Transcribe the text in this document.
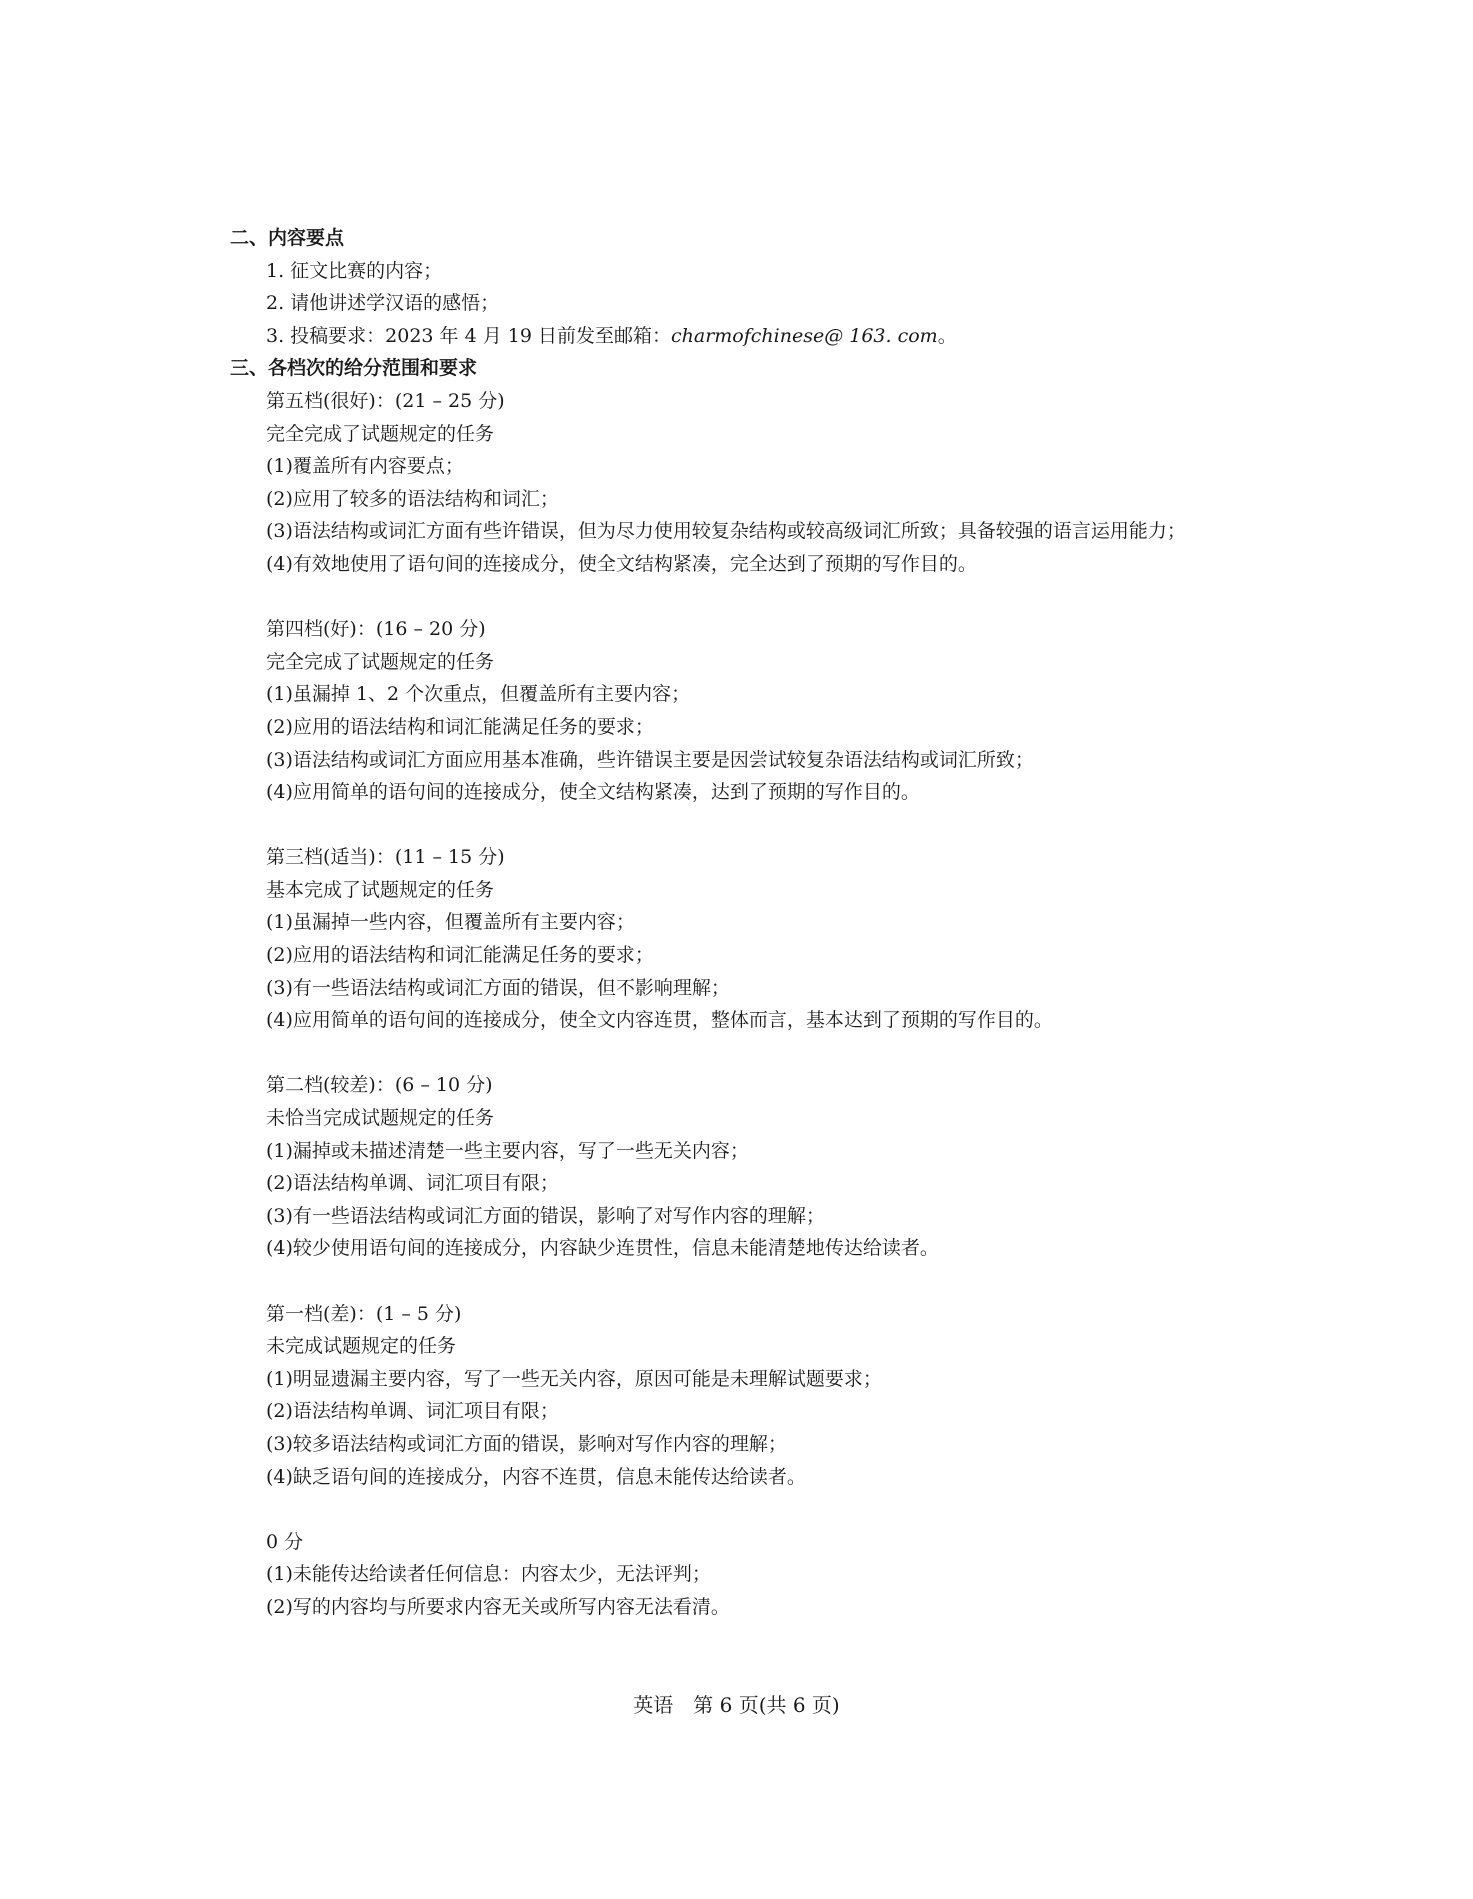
二、内容要点
1. 征文比赛的内容；
2. 请他讲述学汉语的感悟；
3. 投稿要求：2023 年 4 月 19 日前发至邮箱：charmofchinese@ 163. com。
三、各档次的给分范围和要求
第五档(很好)：(21 – 25 分)
完全完成了试题规定的任务
(1)覆盖所有内容要点；
(2)应用了较多的语法结构和词汇；
(3)语法结构或词汇方面有些许错误，但为尽力使用较复杂结构或较高级词汇所致；具备较强的语言运用能力；
(4)有效地使用了语句间的连接成分，使全文结构紧凑，完全达到了预期的写作目的。
第四档(好)：(16 – 20 分)
完全完成了试题规定的任务
(1)虽漏掉 1、2 个次重点，但覆盖所有主要内容；
(2)应用的语法结构和词汇能满足任务的要求；
(3)语法结构或词汇方面应用基本准确，些许错误主要是因尝试较复杂语法结构或词汇所致；
(4)应用简单的语句间的连接成分，使全文结构紧凑，达到了预期的写作目的。
第三档(适当)：(11 – 15 分)
基本完成了试题规定的任务
(1)虽漏掉一些内容，但覆盖所有主要内容；
(2)应用的语法结构和词汇能满足任务的要求；
(3)有一些语法结构或词汇方面的错误，但不影响理解；
(4)应用简单的语句间的连接成分，使全文内容连贯，整体而言，基本达到了预期的写作目的。
第二档(较差)：(6 – 10 分)
未恰当完成试题规定的任务
(1)漏掉或未描述清楚一些主要内容，写了一些无关内容；
(2)语法结构单调、词汇项目有限；
(3)有一些语法结构或词汇方面的错误，影响了对写作内容的理解；
(4)较少使用语句间的连接成分，内容缺少连贯性，信息未能清楚地传达给读者。
第一档(差)：(1 – 5 分)
未完成试题规定的任务
(1)明显遗漏主要内容，写了一些无关内容，原因可能是未理解试题要求；
(2)语法结构单调、词汇项目有限；
(3)较多语法结构或词汇方面的错误，影响对写作内容的理解；
(4)缺乏语句间的连接成分，内容不连贯，信息未能传达给读者。
0 分
(1)未能传达给读者任何信息：内容太少，无法评判；
(2)写的内容均与所要求内容无关或所写内容无法看清。
英语　第 6 页(共 6 页)
